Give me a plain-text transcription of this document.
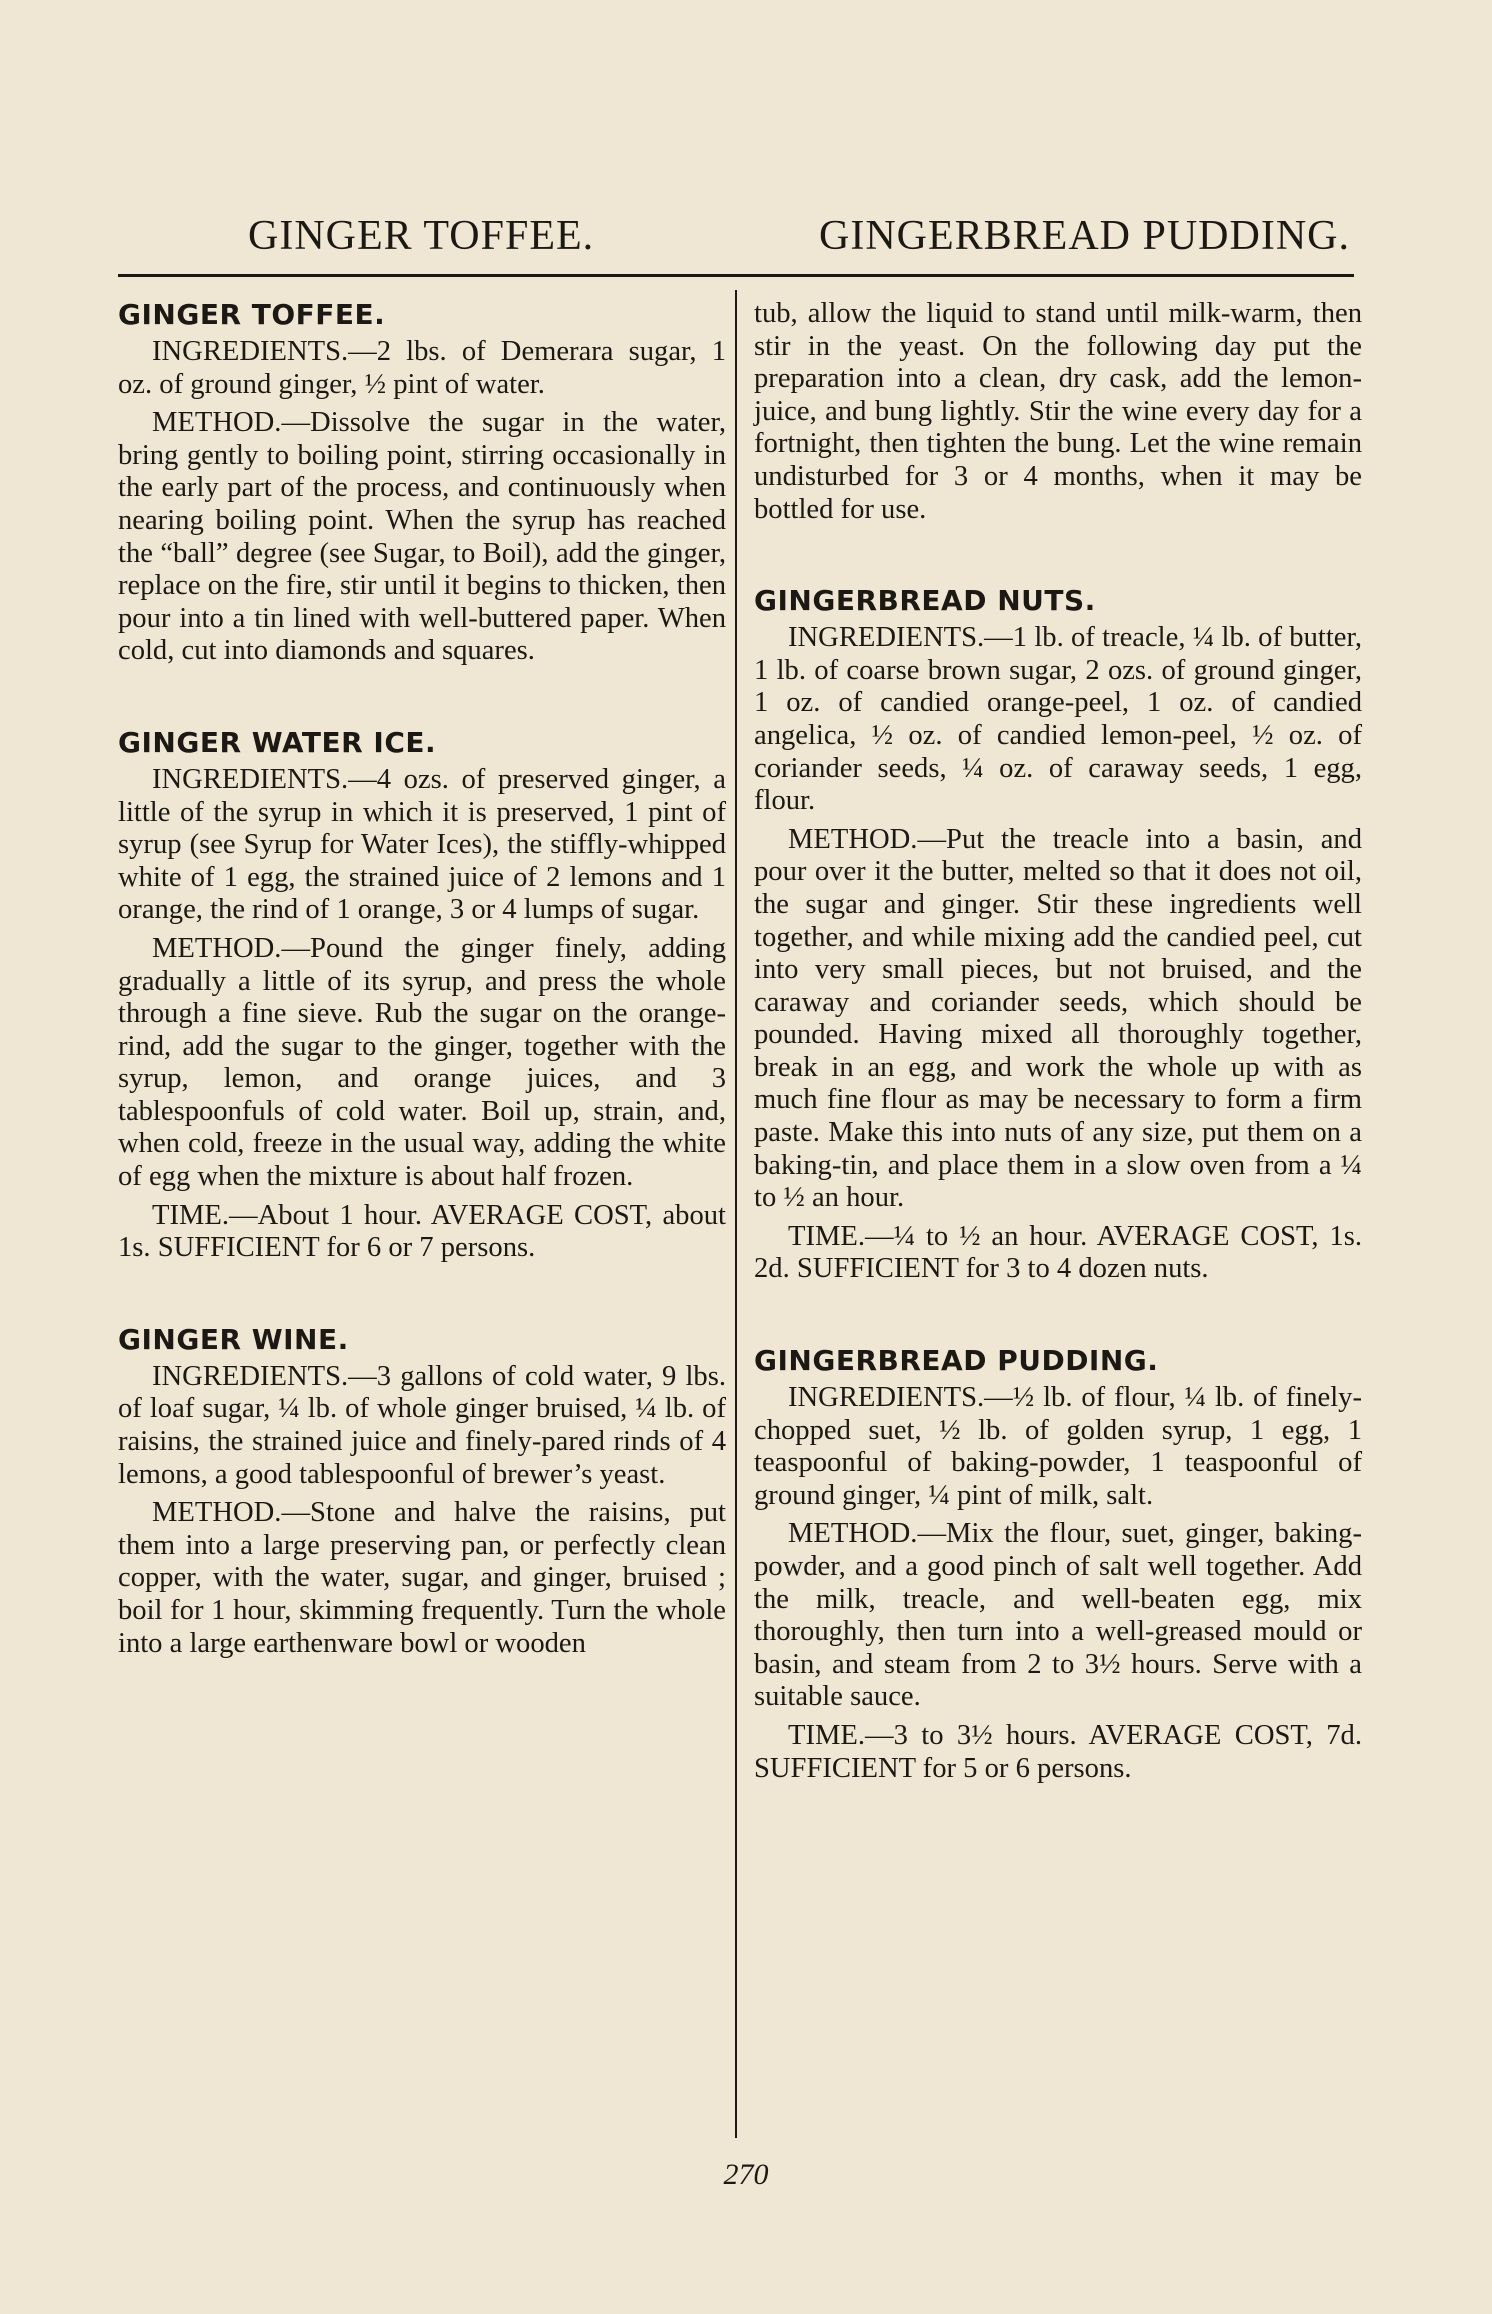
GINGER TOFFEE.	GINGERBREAD PUDDING.
GINGER TOFFEE.

INGREDIENTS.—2 lbs. of Demerara sugar, 1 oz. of ground ginger, ½ pint of water.

METHOD.—Dissolve the sugar in the water, bring gently to boiling point, stirring occasionally in the early part of the process, and continuously when nearing boiling point. When the syrup has reached the “ball” degree (see Sugar, to Boil), add the ginger, replace on the fire, stir until it begins to thicken, then pour into a tin lined with well-buttered paper. When cold, cut into diamonds and squares.

GINGER WATER ICE.

INGREDIENTS.—4 ozs. of preserved ginger, a little of the syrup in which it is preserved, 1 pint of syrup (see Syrup for Water Ices), the stiffly-whipped white of 1 egg, the strained juice of 2 lemons and 1 orange, the rind of 1 orange, 3 or 4 lumps of sugar.

METHOD.—Pound the ginger finely, adding gradually a little of its syrup, and press the whole through a fine sieve. Rub the sugar on the orange-rind, add the sugar to the ginger, together with the syrup, lemon, and orange juices, and 3 tablespoonfuls of cold water. Boil up, strain, and, when cold, freeze in the usual way, adding the white of egg when the mixture is about half frozen.

TIME.—About 1 hour. AVERAGE COST, about 1s. SUFFICIENT for 6 or 7 persons.

GINGER WINE.

INGREDIENTS.—3 gallons of cold water, 9 lbs. of loaf sugar, ¼ lb. of whole ginger bruised, ¼ lb. of raisins, the strained juice and finely-pared rinds of 4 lemons, a good tablespoonful of brewer’s yeast.

METHOD.—Stone and halve the raisins, put them into a large preserving pan, or perfectly clean copper, with the water, sugar, and ginger, bruised ; boil for 1 hour, skimming frequently. Turn the whole into a large earthenware bowl or wooden

tub, allow the liquid to stand until milk-warm, then stir in the yeast. On the following day put the preparation into a clean, dry cask, add the lemon-juice, and bung lightly. Stir the wine every day for a fortnight, then tighten the bung. Let the wine remain undisturbed for 3 or 4 months, when it may be bottled for use.

GINGERBREAD NUTS.

INGREDIENTS.—1 lb. of treacle, ¼ lb. of butter, 1 lb. of coarse brown sugar, 2 ozs. of ground ginger, 1 oz. of candied orange-peel, 1 oz. of candied angelica, ½ oz. of candied lemon-peel, ½ oz. of coriander seeds, ¼ oz. of caraway seeds, 1 egg, flour.

METHOD.—Put the treacle into a basin, and pour over it the butter, melted so that it does not oil, the sugar and ginger. Stir these ingredients well together, and while mixing add the candied peel, cut into very small pieces, but not bruised, and the caraway and coriander seeds, which should be pounded. Having mixed all thoroughly together, break in an egg, and work the whole up with as much fine flour as may be necessary to form a firm paste. Make this into nuts of any size, put them on a baking-tin, and place them in a slow oven from a ¼ to ½ an hour.

TIME.—¼ to ½ an hour. AVERAGE COST, 1s. 2d. SUFFICIENT for 3 to 4 dozen nuts.

GINGERBREAD PUDDING.

INGREDIENTS.—½ lb. of flour, ¼ lb. of finely-chopped suet, ½ lb. of golden syrup, 1 egg, 1 teaspoonful of baking-powder, 1 teaspoonful of ground ginger, ¼ pint of milk, salt.

METHOD.—Mix the flour, suet, ginger, baking-powder, and a good pinch of salt well together. Add the milk, treacle, and well-beaten egg, mix thoroughly, then turn into a well-greased mould or basin, and steam from 2 to 3½ hours. Serve with a suitable sauce.

TIME.—3 to 3½ hours. AVERAGE COST, 7d. SUFFICIENT for 5 or 6 persons.

270
